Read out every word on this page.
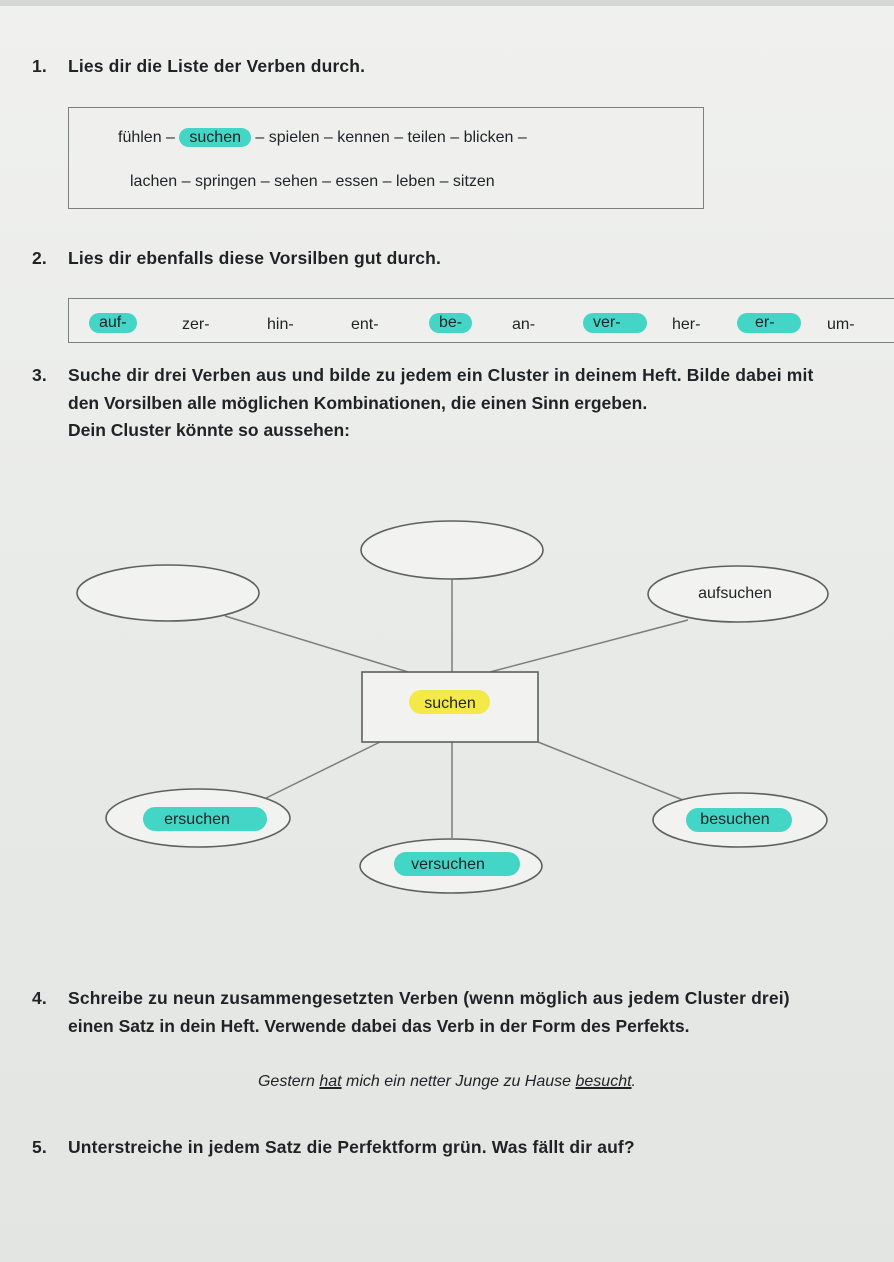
1. Lies dir die Liste der Verben durch.
fühlen – suchen – spielen – kennen – teilen – blicken –
lachen – springen – sehen – essen – leben – sitzen
2. Lies dir ebenfalls diese Vorsilben gut durch.
auf-	zer-	hin-	ent-	be-	an-	ver-	her-	er-	um-
3. Suche dir drei Verben aus und bilde zu jedem ein Cluster in deinem Heft. Bilde dabei mit
den Vorsilben alle möglichen Kombinationen, die einen Sinn ergeben.
Dein Cluster könnte so aussehen:
suchen
aufsuchen
ersuchen	besuchen
versuchen
4. Schreibe zu neun zusammengesetzten Verben (wenn möglich aus jedem Cluster drei)
einen Satz in dein Heft. Verwende dabei das Verb in der Form des Perfekts.
Gestern hat mich ein netter Junge zu Hause besucht.
5. Unterstreiche in jedem Satz die Perfektform grün. Was fällt dir auf?
